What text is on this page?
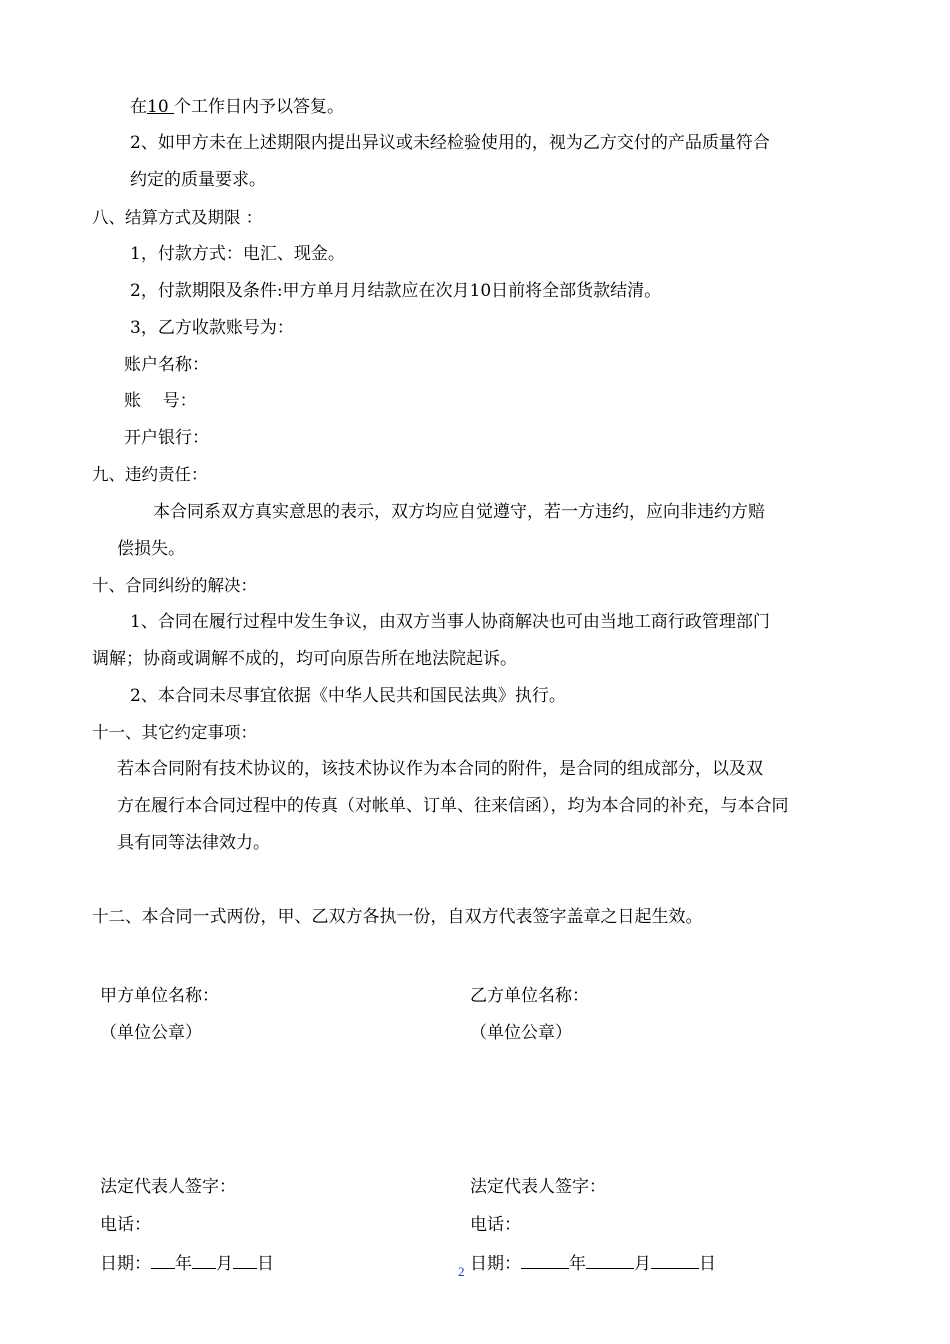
在10 个工作日内予以答复。
2、如甲方未在上述期限内提出异议或未经检验使用的，视为乙方交付的产品质量符合
约定的质量要求。
八、结算方式及期限 ：
1，付款方式：电汇、现金。
2，付款期限及条件:甲方单月月结款应在次月10日前将全部货款结清。
3，乙方收款账号为：
账户名称：
账    号：
开户银行：
九、违约责任：
本合同系双方真实意思的表示，双方均应自觉遵守，若一方违约，应向非违约方赔
偿损失。
十、合同纠纷的解决：
1、合同在履行过程中发生争议，由双方当事人协商解决也可由当地工商行政管理部门
调解；协商或调解不成的，均可向原告所在地法院起诉。
2、本合同未尽事宜依据《中华人民共和国民法典》执行。
十一、其它约定事项：
若本合同附有技术协议的，该技术协议作为本合同的附件，是合同的组成部分，以及双
方在履行本合同过程中的传真（对帐单、订单、往来信函），均为本合同的补充，与本合同
具有同等法律效力。
十二、本合同一式两份，甲、乙双方各执一份，自双方代表签字盖章之日起生效。
甲方单位名称：
（单位公章）
法定代表人签字：
电话：
日期： 年 月 日
乙方单位名称：
（单位公章）
法定代表人签字：
电话：
日期：	年	月	日
2
